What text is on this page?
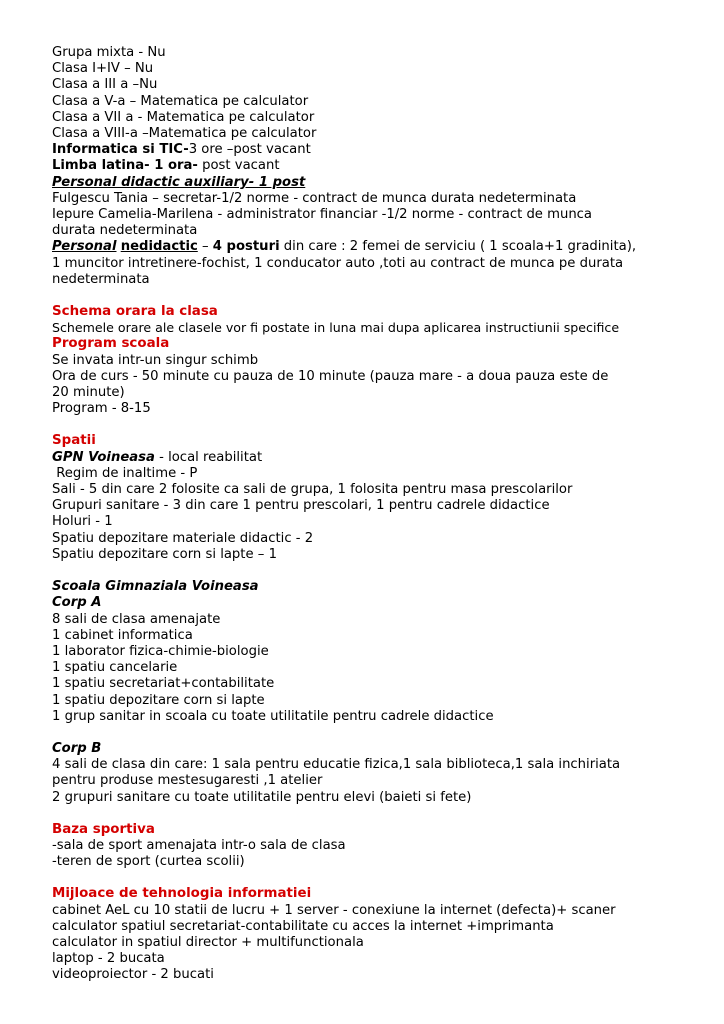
Grupa mixta - Nu
Clasa I+IV – Nu
Clasa a III a –Nu
Clasa a V-a – Matematica pe calculator
Clasa a VII a - Matematica pe calculator
Clasa a VIII-a –Matematica pe calculator
Informatica si TIC-3 ore –post vacant
Limba latina- 1 ora- post vacant
Personal didactic auxiliary- 1 post
Fulgescu Tania – secretar-1/2 norme - contract de munca durata nedeterminata
Iepure Camelia-Marilena - administrator financiar -1/2 norme - contract de munca
durata nedeterminata
Personal nedidactic – 4 posturi din care : 2 femei de serviciu ( 1 scoala+1 gradinita),
1 muncitor intretinere-fochist, 1 conducator auto ,toti au contract de munca pe durata
nedeterminata
Schema orara la clasa
Schemele orare ale clasele vor fi postate in luna mai dupa aplicarea instructiunii specifice
Program scoala
Se invata intr-un singur schimb
Ora de curs - 50 minute cu pauza de 10 minute (pauza mare - a doua pauza este de
20 minute)
Program - 8-15
Spatii
GPN Voineasa - local reabilitat
Regim de inaltime - P
Sali - 5 din care 2 folosite ca sali de grupa, 1 folosita pentru masa prescolarilor
Grupuri sanitare - 3 din care 1 pentru prescolari, 1 pentru cadrele didactice
Holuri - 1
Spatiu depozitare materiale didactic - 2
Spatiu depozitare corn si lapte – 1
Scoala Gimnaziala Voineasa
Corp A
8 sali de clasa amenajate
1 cabinet informatica
1 laborator fizica-chimie-biologie
1 spatiu cancelarie
1 spatiu secretariat+contabilitate
1 spatiu depozitare corn si lapte
1 grup sanitar in scoala cu toate utilitatile pentru cadrele didactice
Corp B
4 sali de clasa din care: 1 sala pentru educatie fizica,1 sala biblioteca,1 sala inchiriata
pentru produse mestesugaresti ,1 atelier
2 grupuri sanitare cu toate utilitatile pentru elevi (baieti si fete)
Baza sportiva
-sala de sport amenajata intr-o sala de clasa
-teren de sport (curtea scolii)
Mijloace de tehnologia informatiei
cabinet AeL cu 10 statii de lucru + 1 server - conexiune la internet (defecta)+ scaner
calculator spatiul secretariat-contabilitate cu acces la internet +imprimanta
calculator in spatiul director + multifunctionala
laptop - 2 bucata
videoproiector - 2 bucati
